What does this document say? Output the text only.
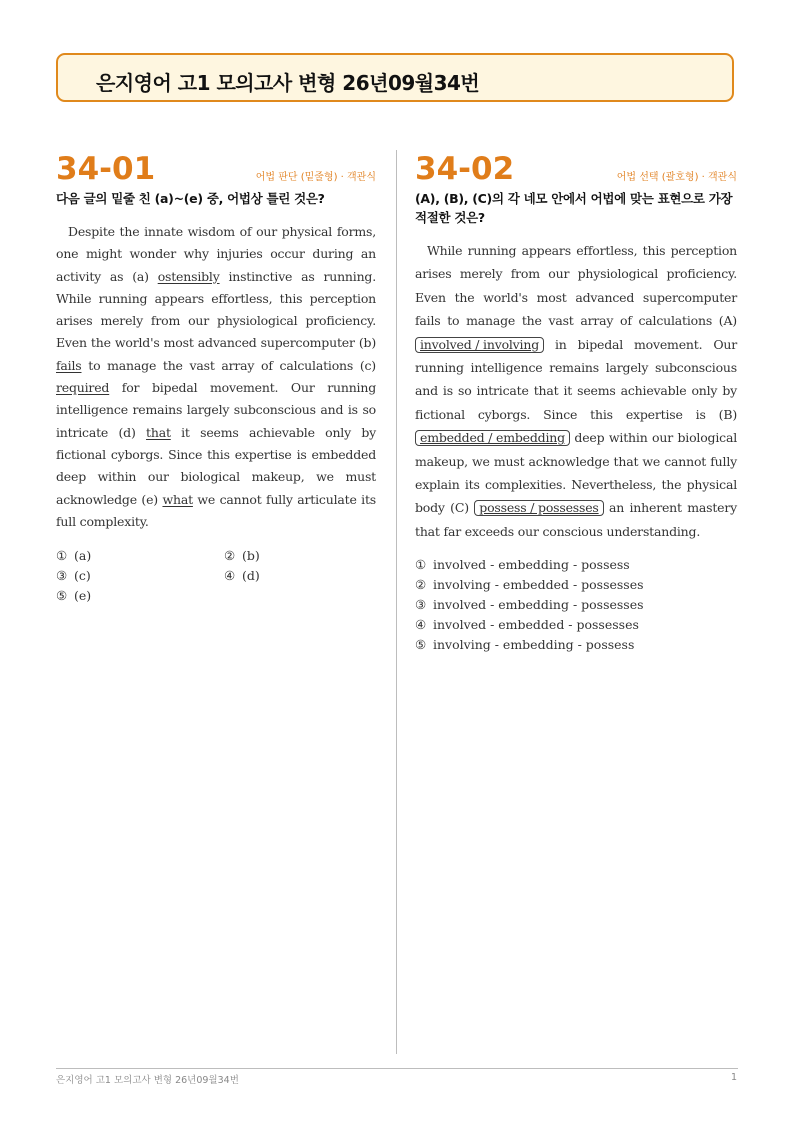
은지영어 고1 모의고사 변형 26년09월34번
34-01	어법 판단 (밑줄형) · 객관식
다음 글의 밑줄 친 (a)~(e) 중, 어법상 틀린 것은?

Despite the innate wisdom of our physical forms, one might wonder why injuries occur during an activity as (a) ostensibly instinctive as running. While running appears effortless, this perception arises merely from our physiological proficiency. Even the world's most advanced supercomputer (b) fails to manage the vast array of calculations (c) required for bipedal movement. Our running intelligence remains largely subconscious and is so intricate (d) that it seems achievable only by fictional cyborgs. Since this expertise is embedded deep within our biological makeup, we must acknowledge (e) what we cannot fully articulate its full complexity.

① (a)	② (b)
③ (c)	④ (d)
⑤ (e)
34-02	어법 선택 (괄호형) · 객관식
(A), (B), (C)의 각 네모 안에서 어법에 맞는 표현으로 가장 적절한 것은?

While running appears effortless, this perception arises merely from our physiological proficiency. Even the world's most advanced supercomputer fails to manage the vast array of calculations (A) involved / involving in bipedal movement. Our running intelligence remains largely subconscious and is so intricate that it seems achievable only by fictional cyborgs. Since this expertise is (B) embedded / embedding deep within our biological makeup, we must acknowledge that we cannot fully explain its complexities. Nevertheless, the physical body (C) possess / possesses an inherent mastery that far exceeds our conscious understanding.

① involved - embedding - possess
② involving - embedded - possesses
③ involved - embedding - possesses
④ involved - embedded - possesses
⑤ involving - embedding - possess
은지영어 고1 모의고사 변형 26년09월34번	1
